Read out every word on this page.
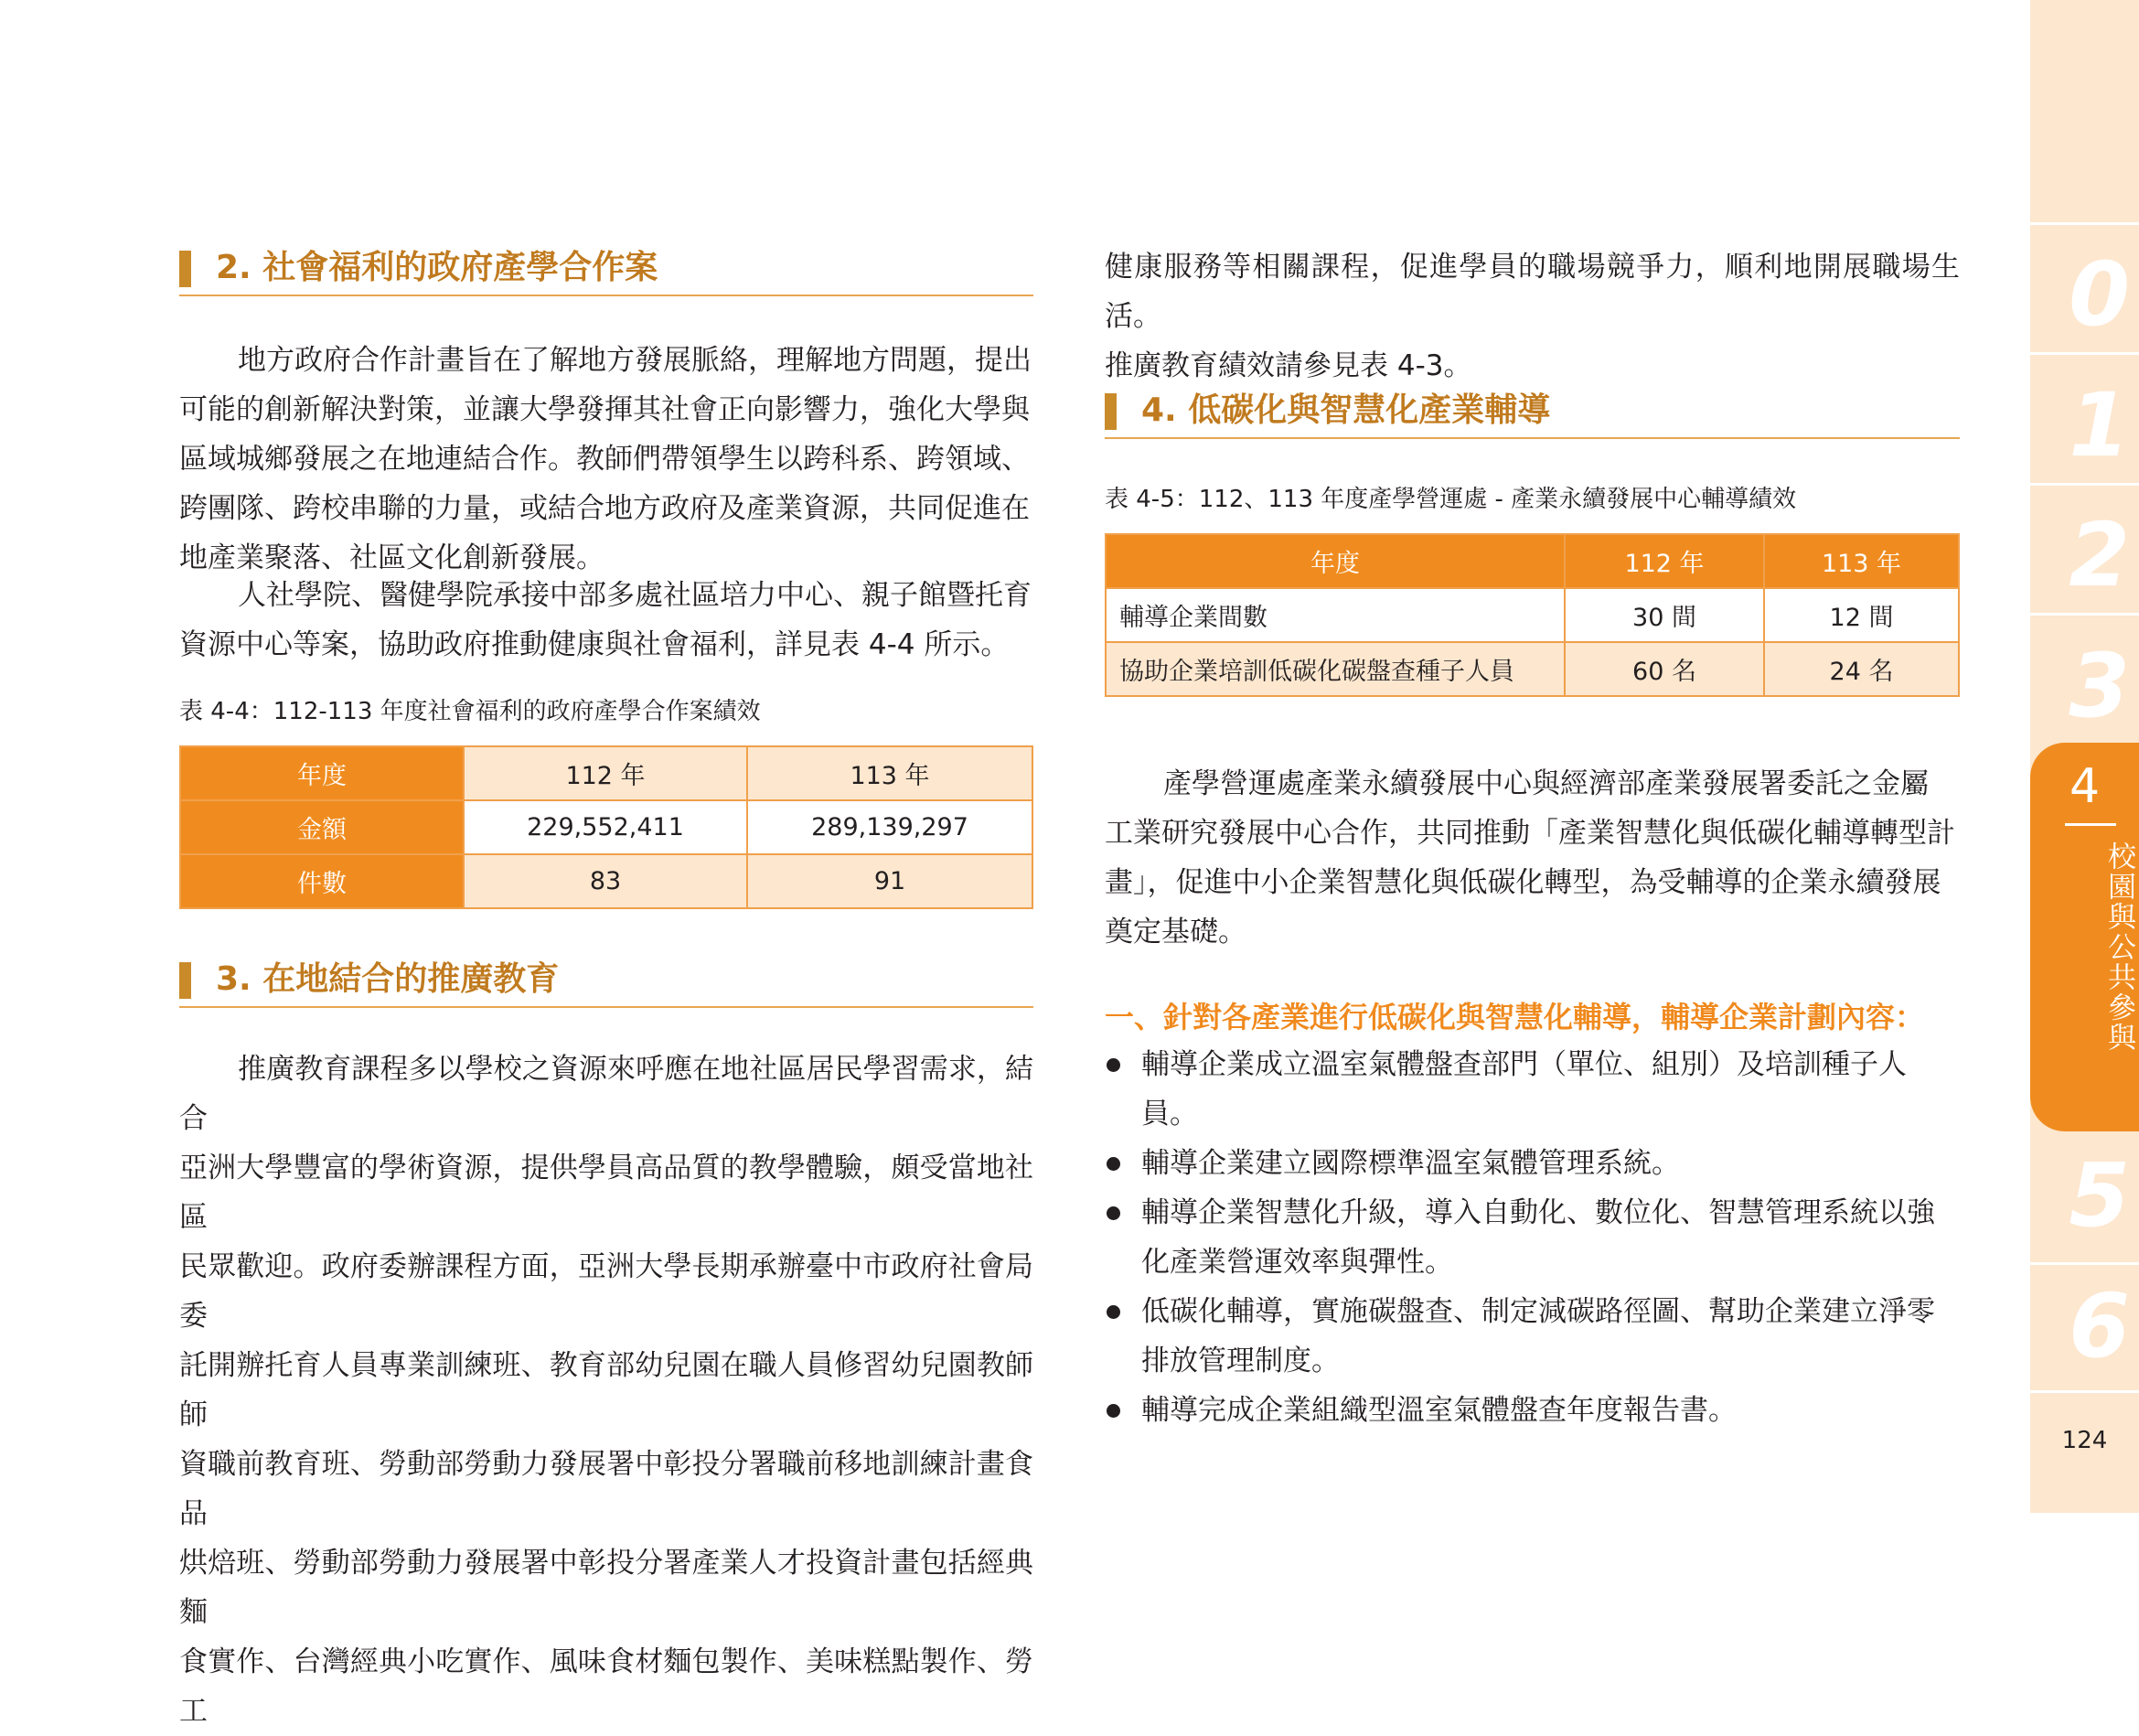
2. 社會福利的政府產學合作案

地方政府合作計畫旨在了解地方發展脈絡，理解地方問題，提出
可能的創新解決對策，並讓大學發揮其社會正向影響力，強化大學與
區域城鄉發展之在地連結合作。教師們帶領學生以跨科系、跨領域、
跨團隊、跨校串聯的力量，或結合地方政府及產業資源，共同促進在
地產業聚落、社區文化創新發展。

人社學院、醫健學院承接中部多處社區培力中心、親子館暨托育
資源中心等案，協助政府推動健康與社會福利，詳見表 4-4 所示。

表 4-4：112-113 年度社會福利的政府產學合作案績效
年度	112 年	113 年
金額	229,552,411	289,139,297
件數	83	91
3. 在地結合的推廣教育

推廣教育課程多以學校之資源來呼應在地社區居民學習需求，結合
亞洲大學豐富的學術資源，提供學員高品質的教學體驗，頗受當地社區
民眾歡迎。政府委辦課程方面，亞洲大學長期承辦臺中市政府社會局委
託開辦托育人員專業訓練班、教育部幼兒園在職人員修習幼兒園教師師
資職前教育班、勞動部勞動力發展署中彰投分署職前移地訓練計畫食品
烘焙班、勞動部勞動力發展署中彰投分署產業人才投資計畫包括經典麵
食實作、台灣經典小吃實作、風味食材麵包製作、美味糕點製作、勞工

健康服務等相關課程，促進學員的職場競爭力，順利地開展職場生活。
推廣教育績效請參見表 4-3。

4. 低碳化與智慧化產業輔導
表 4-5：112、113 年度產學營運處 - 產業永續發展中心輔導績效
年度	112 年	113 年
輔導企業間數	30 間	12 間
協助企業培訓低碳化碳盤查種子人員	60 名	24 名

產學營運處產業永續發展中心與經濟部產業發展署委託之金屬
工業研究發展中心合作，共同推動「產業智慧化與低碳化輔導轉型計
畫」，促進中小企業智慧化與低碳化轉型，為受輔導的企業永續發展
奠定基礎。

一、針對各產業進行低碳化與智慧化輔導，輔導企業計劃內容：
輔導企業成立溫室氣體盤查部門（單位、組別）及培訓種子人員。
輔導企業建立國際標準溫室氣體管理系統。
輔導企業智慧化升級，導入自動化、數位化、智慧管理系統以強化產業營運效率與彈性。
低碳化輔導，實施碳盤查、制定減碳路徑圖、幫助企業建立淨零排放管理制度。
輔導完成企業組織型溫室氣體盤查年度報告書。
0
1
2
3
5
6
4
校園與公共參與
124
